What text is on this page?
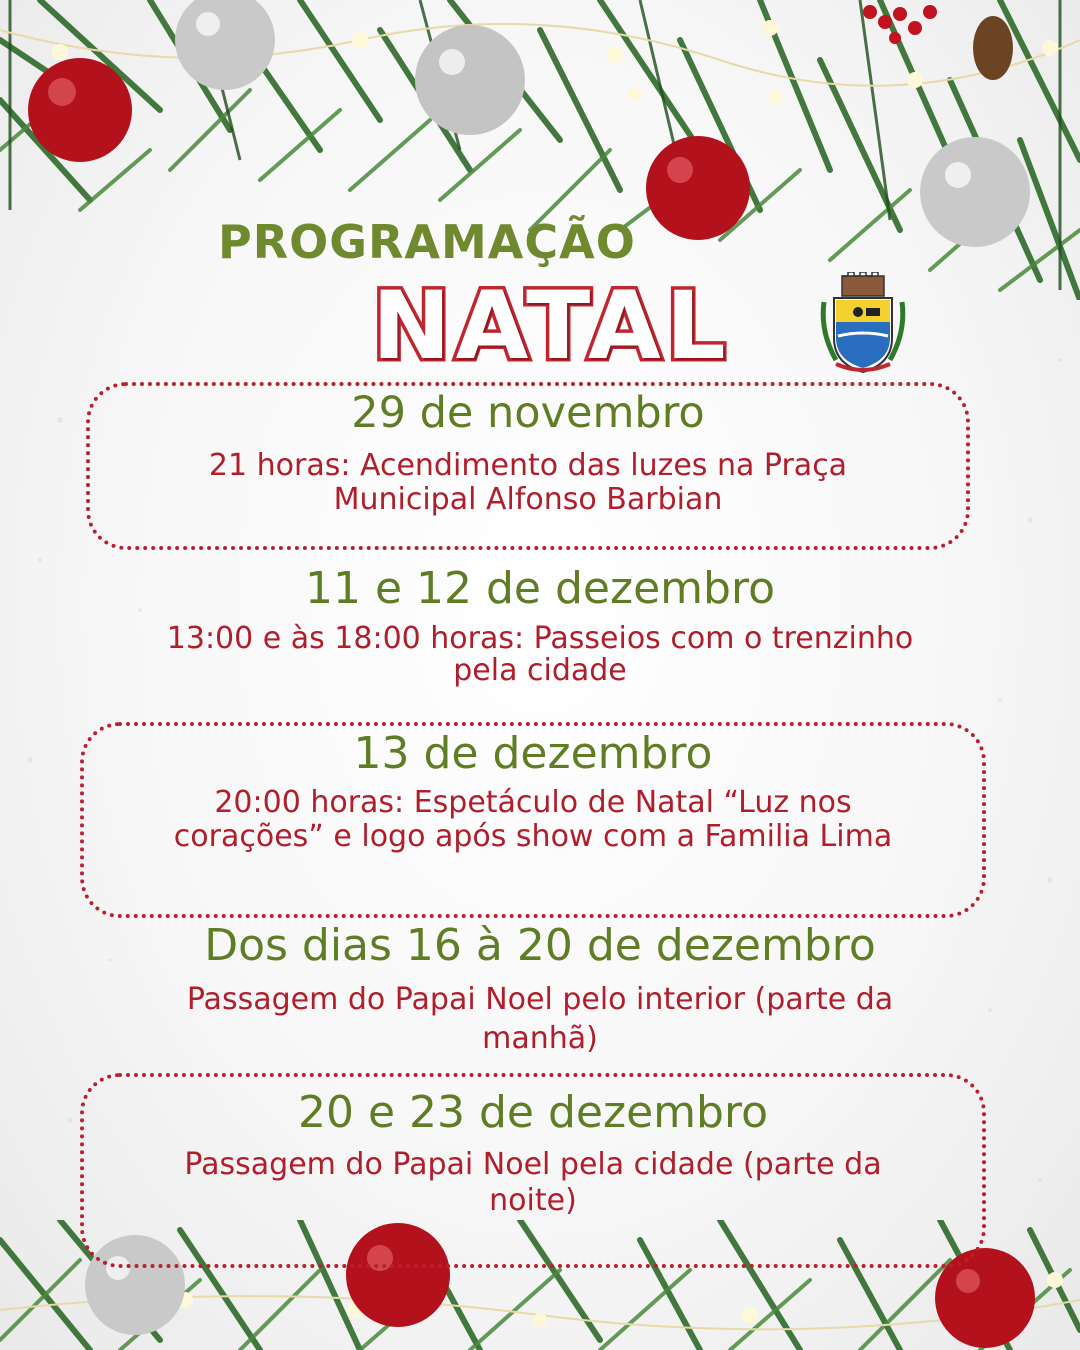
PROGRAMAÇÃO
NATAL
29 de novembro

21 horas: Acendimento das luzes na Praça Municipal Alfonso Barbian

11 e 12 de dezembro

13:00 e às 18:00 horas: Passeios com o trenzinho pela cidade

13 de dezembro

20:00 horas: Espetáculo de Natal “Luz nos corações” e logo após show com a Familia Lima

Dos dias 16 à 20 de dezembro

Passagem do Papai Noel pelo interior (parte da manhã)

20 e 23 de dezembro

Passagem do Papai Noel pela cidade (parte da noite)
